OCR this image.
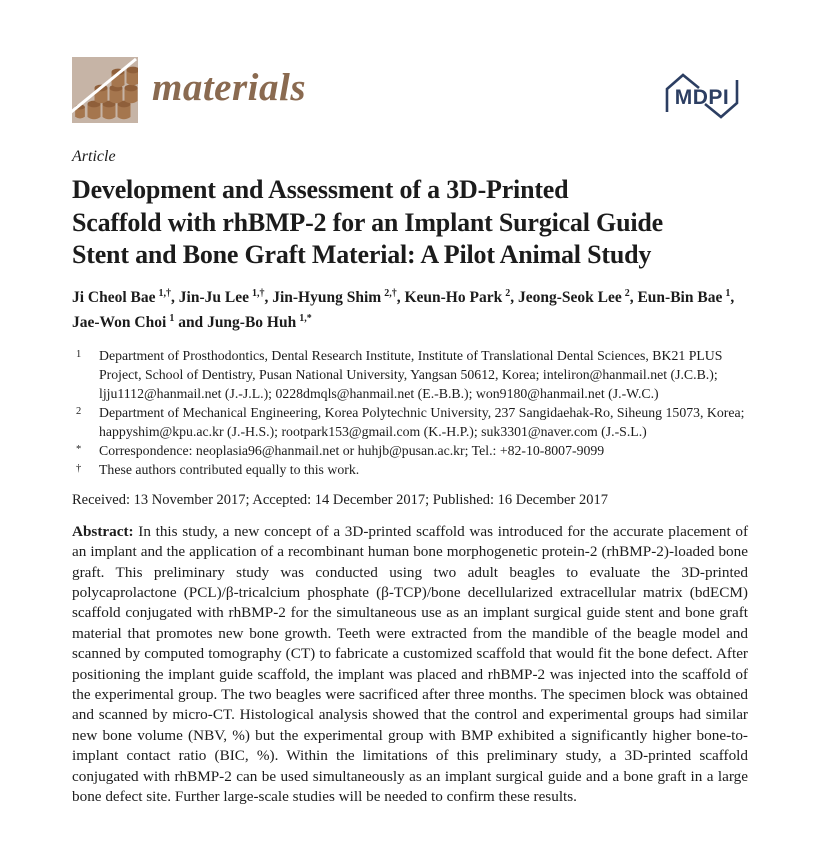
materials	MDPI
Article
Development and Assessment of a 3D-Printed
Scaffold with rhBMP-2 for an Implant Surgical Guide
Stent and Bone Graft Material: A Pilot Animal Study
Ji Cheol Bae $^{1,\dagger}$, Jin-Ju Lee $^{1,\dagger}$, Jin-Hyung Shim $^{2,\dagger}$, Keun-Ho Park $^2$, Jeong-Seok Lee $^2$, Eun-Bin Bae $^1$, Jae-Won Choi $^1$ and Jung-Bo Huh $^{1,*}$
1	Department of Prosthodontics, Dental Research Institute, Institute of Translational Dental Sciences, BK21 PLUS Project, School of Dentistry, Pusan National University, Yangsan 50612, Korea; inteliron@hanmail.net (J.C.B.); ljju1112@hanmail.net (J.-J.L.); 0228dmqls@hanmail.net (E.-B.B.); won9180@hanmail.net (J.-W.C.)
2	Department of Mechanical Engineering, Korea Polytechnic University, 237 Sangidaehak-Ro, Siheung 15073, Korea; happyshim@kpu.ac.kr (J.-H.S.); rootpark153@gmail.com (K.-H.P.); suk3301@naver.com (J.-S.L.)
*	Correspondence: neoplasia96@hanmail.net or huhjb@pusan.ac.kr; Tel.: +82-10-8007-9099
†	These authors contributed equally to this work.
Received: 13 November 2017; Accepted: 14 December 2017; Published: 16 December 2017
Abstract: In this study, a new concept of a 3D-printed scaffold was introduced for the accurate placement of an implant and the application of a recombinant human bone morphogenetic protein-2 (rhBMP-2)-loaded bone graft. This preliminary study was conducted using two adult beagles to evaluate the 3D-printed polycaprolactone (PCL)/β-tricalcium phosphate (β-TCP)/bone decellularized extracellular matrix (bdECM) scaffold conjugated with rhBMP-2 for the simultaneous use as an implant surgical guide stent and bone graft material that promotes new bone growth. Teeth were extracted from the mandible of the beagle model and scanned by computed tomography (CT) to fabricate a customized scaffold that would fit the bone defect. After positioning the implant guide scaffold, the implant was placed and rhBMP-2 was injected into the scaffold of the experimental group. The two beagles were sacrificed after three months. The specimen block was obtained and scanned by micro-CT. Histological analysis showed that the control and experimental groups had similar new bone volume (NBV, %) but the experimental group with BMP exhibited a significantly higher bone-to-implant contact ratio (BIC, %). Within the limitations of this preliminary study, a 3D-printed scaffold conjugated with rhBMP-2 can be used simultaneously as an implant surgical guide and a bone graft in a large bone defect site. Further large-scale studies will be needed to confirm these results.
